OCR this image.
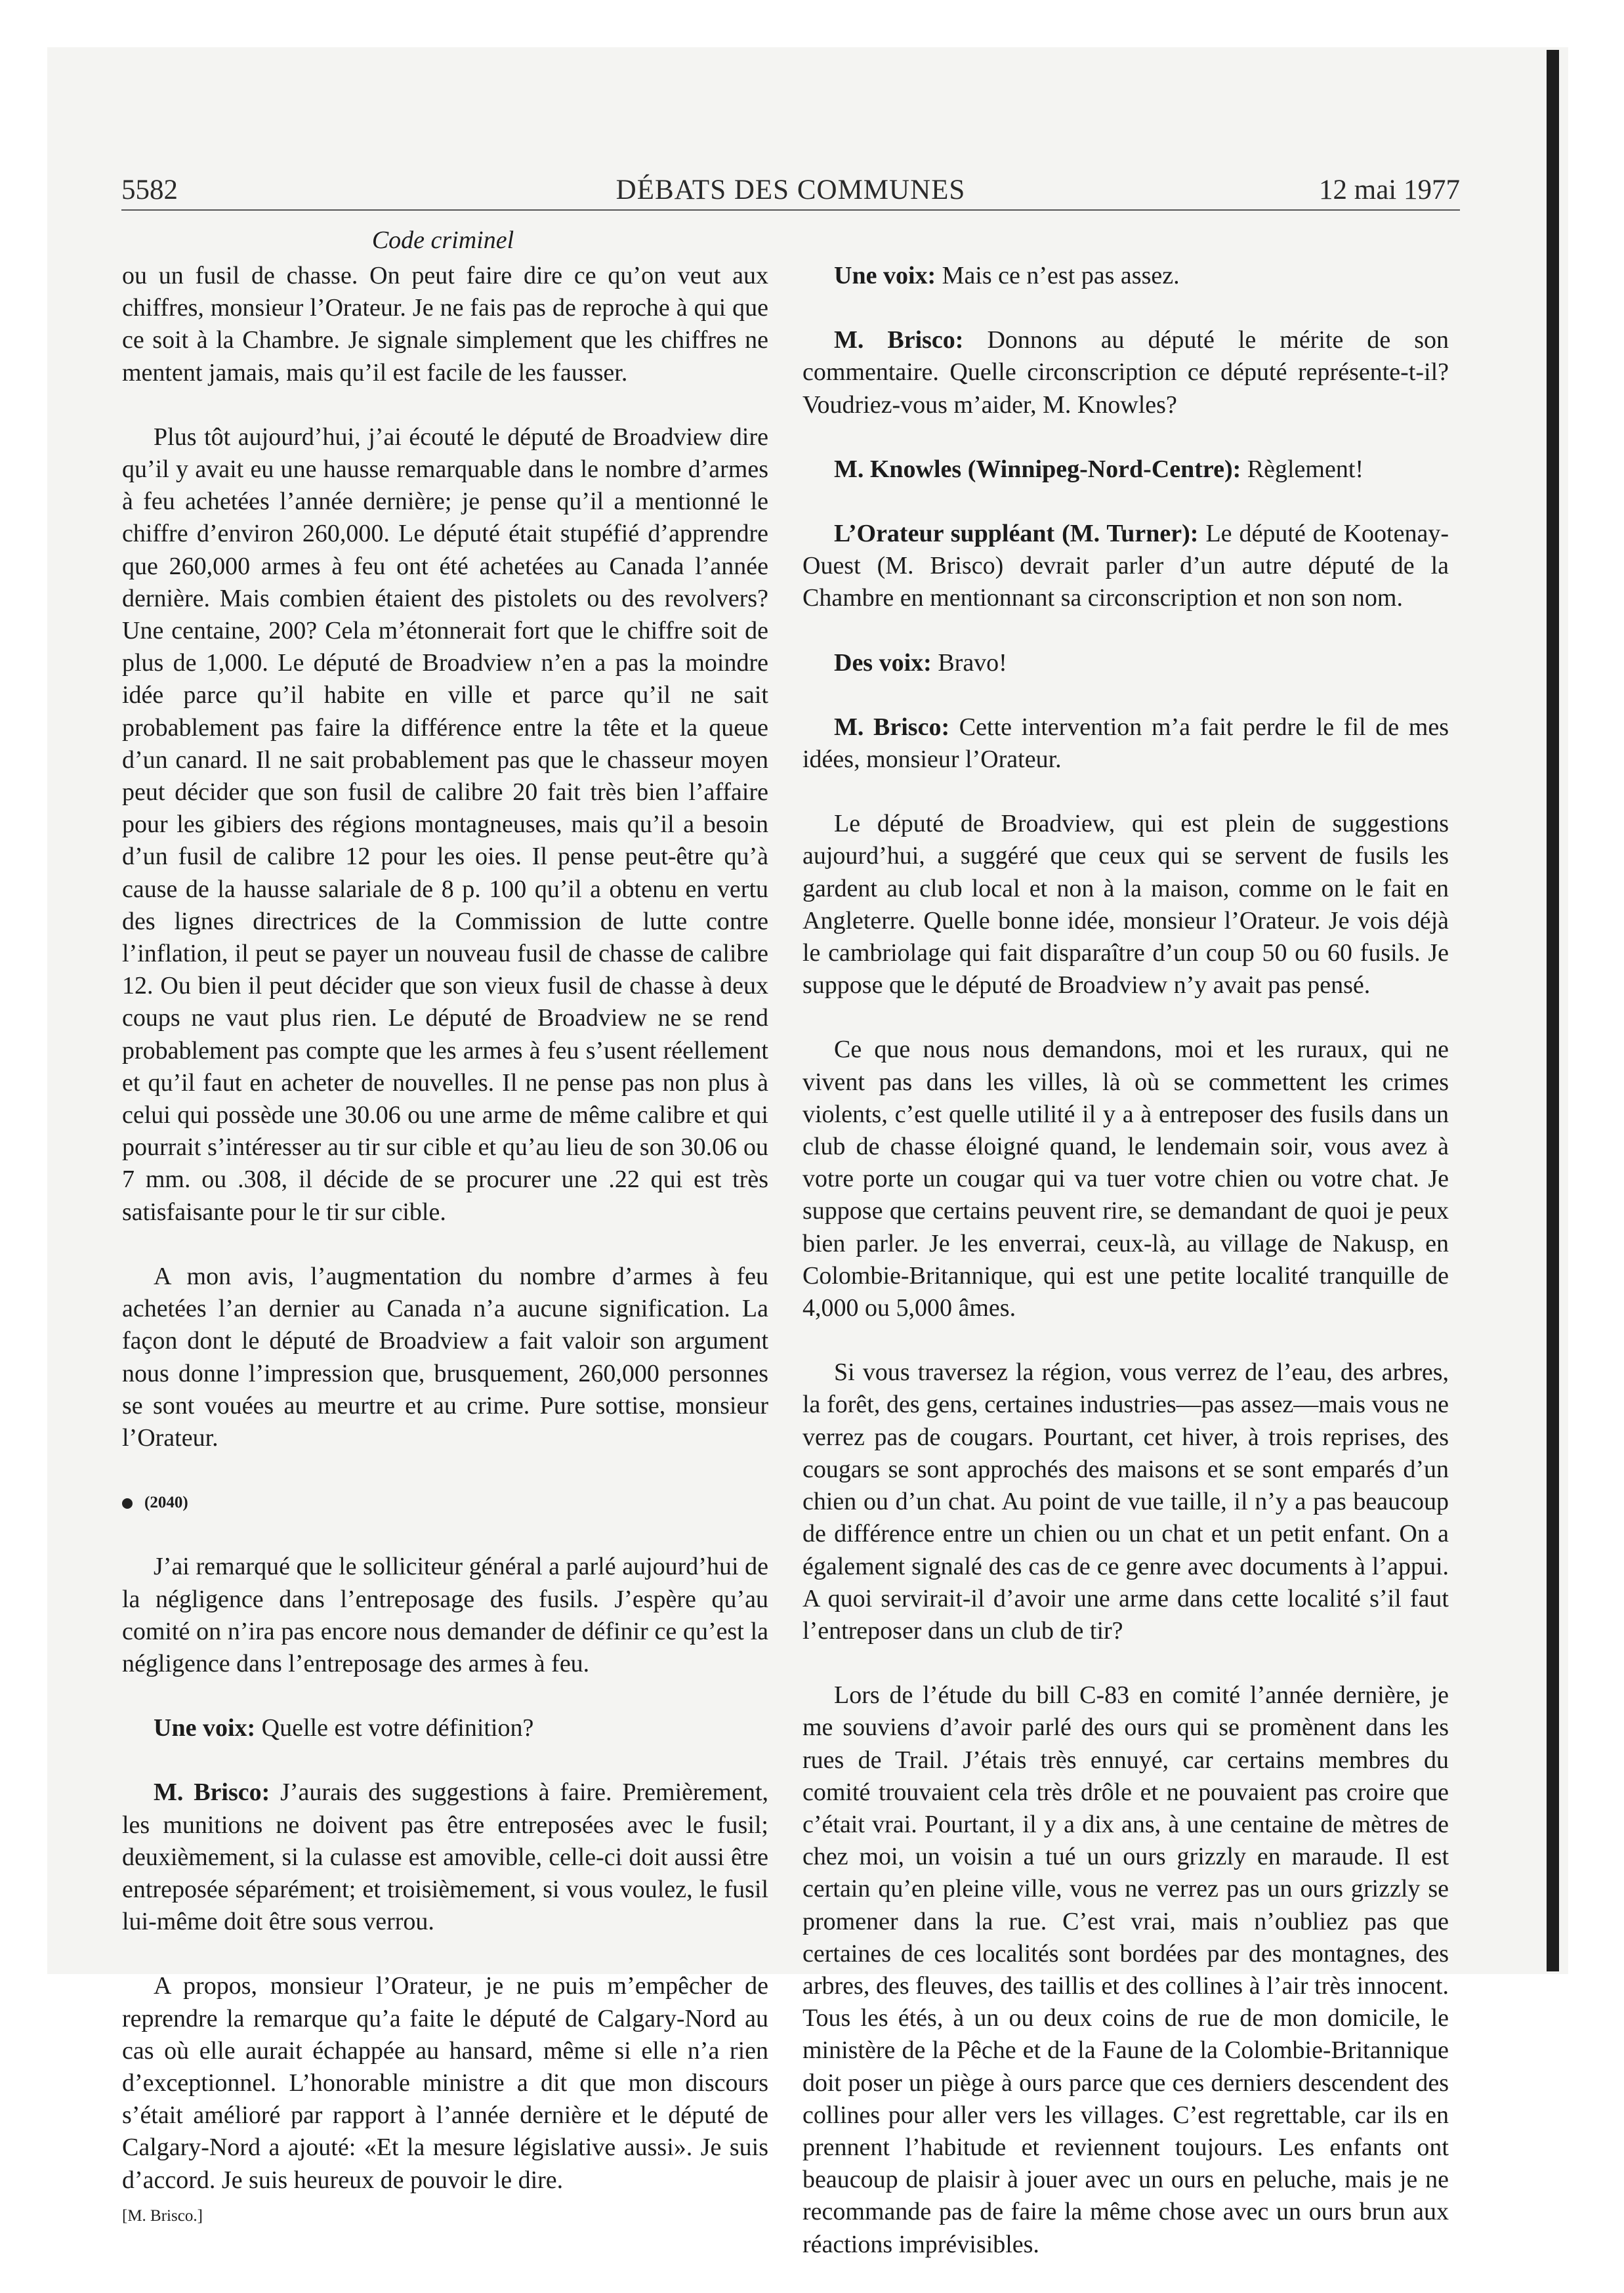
5582	DÉBATS DES COMMUNES	12 mai 1977
Code criminel

ou un fusil de chasse. On peut faire dire ce qu’on veut aux chiffres, monsieur l’Orateur. Je ne fais pas de reproche à qui que ce soit à la Chambre. Je signale simplement que les chiffres ne mentent jamais, mais qu’il est facile de les fausser.

Plus tôt aujourd’hui, j’ai écouté le député de Broadview dire qu’il y avait eu une hausse remarquable dans le nombre d’armes à feu achetées l’année dernière; je pense qu’il a mentionné le chiffre d’environ 260,000. Le député était stupéfié d’apprendre que 260,000 armes à feu ont été achetées au Canada l’année dernière. Mais combien étaient des pistolets ou des revolvers? Une centaine, 200? Cela m’étonnerait fort que le chiffre soit de plus de 1,000. Le député de Broadview n’en a pas la moindre idée parce qu’il habite en ville et parce qu’il ne sait probablement pas faire la différence entre la tête et la queue d’un canard. Il ne sait probablement pas que le chasseur moyen peut décider que son fusil de calibre 20 fait très bien l’affaire pour les gibiers des régions montagneuses, mais qu’il a besoin d’un fusil de calibre 12 pour les oies. Il pense peut-être qu’à cause de la hausse salariale de 8 p. 100 qu’il a obtenu en vertu des lignes directrices de la Commission de lutte contre l’inflation, il peut se payer un nouveau fusil de chasse de calibre 12. Ou bien il peut décider que son vieux fusil de chasse à deux coups ne vaut plus rien. Le député de Broadview ne se rend probablement pas compte que les armes à feu s’usent réellement et qu’il faut en acheter de nouvelles. Il ne pense pas non plus à celui qui possède une 30.06 ou une arme de même calibre et qui pourrait s’intéresser au tir sur cible et qu’au lieu de son 30.06 ou 7 mm. ou .308, il décide de se procurer une .22 qui est très satisfaisante pour le tir sur cible.

A mon avis, l’augmentation du nombre d’armes à feu achetées l’an dernier au Canada n’a aucune signification. La façon dont le député de Broadview a fait valoir son argument nous donne l’impression que, brusquement, 260,000 personnes se sont vouées au meurtre et au crime. Pure sottise, monsieur l’Orateur.

(2040)

J’ai remarqué que le solliciteur général a parlé aujourd’hui de la négligence dans l’entreposage des fusils. J’espère qu’au comité on n’ira pas encore nous demander de définir ce qu’est la négligence dans l’entreposage des armes à feu.

Une voix: Quelle est votre définition?

M. Brisco: J’aurais des suggestions à faire. Premièrement, les munitions ne doivent pas être entreposées avec le fusil; deuxièmement, si la culasse est amovible, celle-ci doit aussi être entreposée séparément; et troisièmement, si vous voulez, le fusil lui-même doit être sous verrou.

A propos, monsieur l’Orateur, je ne puis m’empêcher de reprendre la remarque qu’a faite le député de Calgary-Nord au cas où elle aurait échappée au hansard, même si elle n’a rien d’exceptionnel. L’honorable ministre a dit que mon discours s’était amélioré par rapport à l’année dernière et le député de Calgary-Nord a ajouté: «Et la mesure législative aussi». Je suis d’accord. Je suis heureux de pouvoir le dire.

[M. Brisco.]

Une voix: Mais ce n’est pas assez.

M. Brisco: Donnons au député le mérite de son commentaire. Quelle circonscription ce député représente-t-il? Voudriez-vous m’aider, M. Knowles?

M. Knowles (Winnipeg-Nord-Centre): Règlement!

L’Orateur suppléant (M. Turner): Le député de Kootenay-Ouest (M. Brisco) devrait parler d’un autre député de la Chambre en mentionnant sa circonscription et non son nom.

Des voix: Bravo!

M. Brisco: Cette intervention m’a fait perdre le fil de mes idées, monsieur l’Orateur.

Le député de Broadview, qui est plein de suggestions aujourd’hui, a suggéré que ceux qui se servent de fusils les gardent au club local et non à la maison, comme on le fait en Angleterre. Quelle bonne idée, monsieur l’Orateur. Je vois déjà le cambriolage qui fait disparaître d’un coup 50 ou 60 fusils. Je suppose que le député de Broadview n’y avait pas pensé.

Ce que nous nous demandons, moi et les ruraux, qui ne vivent pas dans les villes, là où se commettent les crimes violents, c’est quelle utilité il y a à entreposer des fusils dans un club de chasse éloigné quand, le lendemain soir, vous avez à votre porte un cougar qui va tuer votre chien ou votre chat. Je suppose que certains peuvent rire, se demandant de quoi je peux bien parler. Je les enverrai, ceux-là, au village de Nakusp, en Colombie-Britannique, qui est une petite localité tranquille de 4,000 ou 5,000 âmes.

Si vous traversez la région, vous verrez de l’eau, des arbres, la forêt, des gens, certaines industries—pas assez—mais vous ne verrez pas de cougars. Pourtant, cet hiver, à trois reprises, des cougars se sont approchés des maisons et se sont emparés d’un chien ou d’un chat. Au point de vue taille, il n’y a pas beaucoup de différence entre un chien ou un chat et un petit enfant. On a également signalé des cas de ce genre avec documents à l’appui. A quoi servirait-il d’avoir une arme dans cette localité s’il faut l’entreposer dans un club de tir?

Lors de l’étude du bill C-83 en comité l’année dernière, je me souviens d’avoir parlé des ours qui se promènent dans les rues de Trail. J’étais très ennuyé, car certains membres du comité trouvaient cela très drôle et ne pouvaient pas croire que c’était vrai. Pourtant, il y a dix ans, à une centaine de mètres de chez moi, un voisin a tué un ours grizzly en maraude. Il est certain qu’en pleine ville, vous ne verrez pas un ours grizzly se promener dans la rue. C’est vrai, mais n’oubliez pas que certaines de ces localités sont bordées par des montagnes, des arbres, des fleuves, des taillis et des collines à l’air très innocent. Tous les étés, à un ou deux coins de rue de mon domicile, le ministère de la Pêche et de la Faune de la Colombie-Britannique doit poser un piège à ours parce que ces derniers descendent des collines pour aller vers les villages. C’est regrettable, car ils en prennent l’habitude et reviennent toujours. Les enfants ont beaucoup de plaisir à jouer avec un ours en peluche, mais je ne recommande pas de faire la même chose avec un ours brun aux réactions imprévisibles.
